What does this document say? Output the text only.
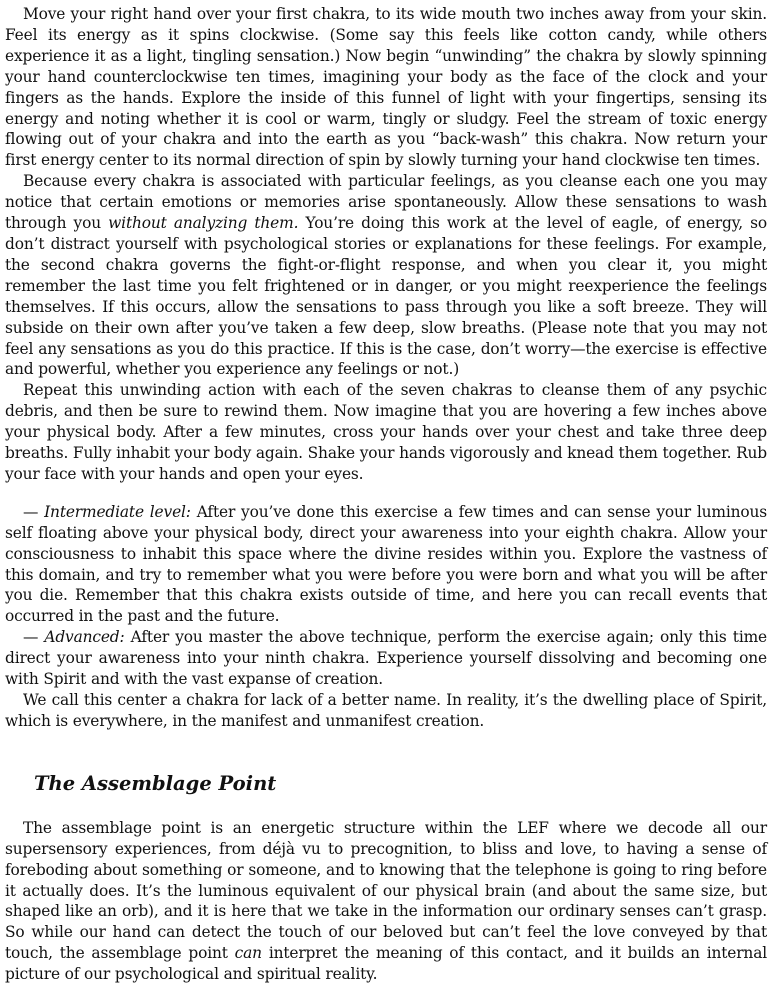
Move your right hand over your first chakra, to its wide mouth two inches away from your skin. Feel its energy as it spins clockwise. (Some say this feels like cotton candy, while others experience it as a light, tingling sensation.) Now begin “unwinding” the chakra by slowly spinning your hand counterclockwise ten times, imagining your body as the face of the clock and your fingers as the hands. Explore the inside of this funnel of light with your fingertips, sensing its energy and noting whether it is cool or warm, tingly or sludgy. Feel the stream of toxic energy flowing out of your chakra and into the earth as you “back-wash” this chakra. Now return your first energy center to its normal direction of spin by slowly turning your hand clockwise ten times.

Because every chakra is associated with particular feelings, as you cleanse each one you may notice that certain emotions or memories arise spontaneously. Allow these sensations to wash through you without analyzing them. You’re doing this work at the level of eagle, of energy, so don’t distract yourself with psychological stories or explanations for these feelings. For example, the second chakra governs the fight-or-flight response, and when you clear it, you might remember the last time you felt frightened or in danger, or you might reexperience the feelings themselves. If this occurs, allow the sensations to pass through you like a soft breeze. They will subside on their own after you’ve taken a few deep, slow breaths. (Please note that you may not feel any sensations as you do this practice. If this is the case, don’t worry—the exercise is effective and powerful, whether you experience any feelings or not.)

Repeat this unwinding action with each of the seven chakras to cleanse them of any psychic debris, and then be sure to rewind them. Now imagine that you are hovering a few inches above your physical body. After a few minutes, cross your hands over your chest and take three deep breaths. Fully inhabit your body again. Shake your hands vigorously and knead them together. Rub your face with your hands and open your eyes.

— Intermediate level: After you’ve done this exercise a few times and can sense your luminous self floating above your physical body, direct your awareness into your eighth chakra. Allow your consciousness to inhabit this space where the divine resides within you. Explore the vastness of this domain, and try to remember what you were before you were born and what you will be after you die. Remember that this chakra exists outside of time, and here you can recall events that occurred in the past and the future.

— Advanced: After you master the above technique, perform the exercise again; only this time direct your awareness into your ninth chakra. Experience yourself dissolving and becoming one with Spirit and with the vast expanse of creation.

We call this center a chakra for lack of a better name. In reality, it’s the dwelling place of Spirit, which is everywhere, in the manifest and unmanifest creation.

The Assemblage Point

The assemblage point is an energetic structure within the LEF where we decode all our supersensory experiences, from déjà vu to precognition, to bliss and love, to having a sense of foreboding about something or someone, and to knowing that the telephone is going to ring before it actually does. It’s the luminous equivalent of our physical brain (and about the same size, but shaped like an orb), and it is here that we take in the information our ordinary senses can’t grasp. So while our hand can detect the touch of our beloved but can’t feel the love conveyed by that touch, the assemblage point can interpret the meaning of this contact, and it builds an internal picture of our psychological and spiritual reality.
